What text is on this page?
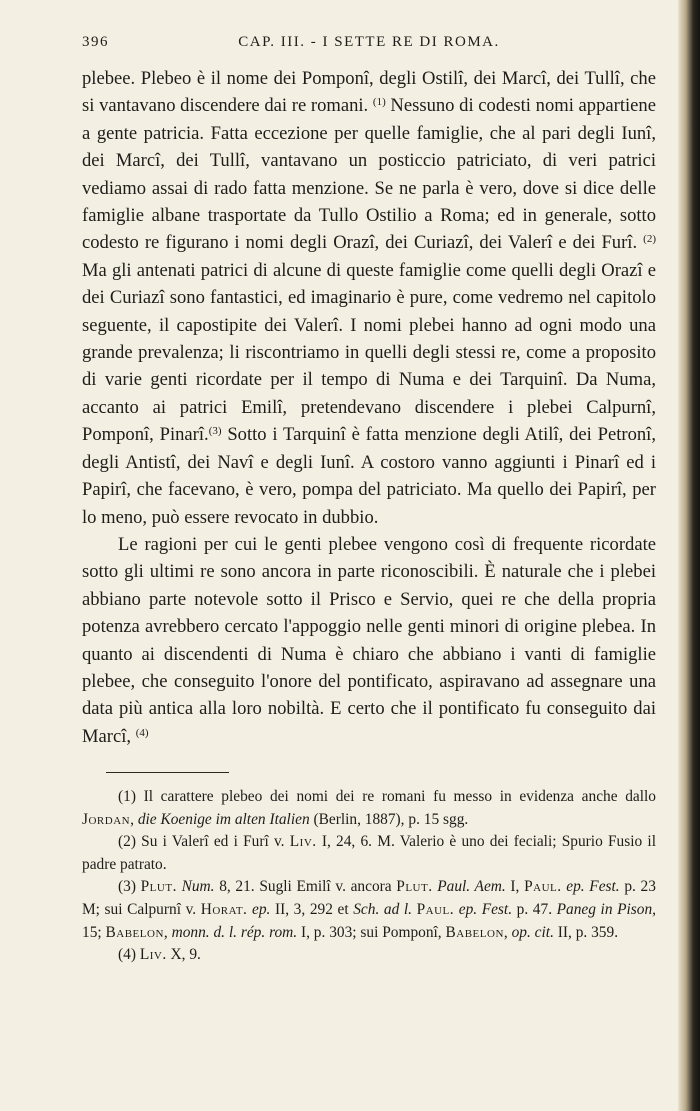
396	CAP. III. - I SETTE RE DI ROMA.

plebee. Plebeo è il nome dei Pomponî, degli Ostilî, dei Marcî, dei Tullî, che si vantavano discendere dai re romani. $^{(1)}$ Nessuno di codesti nomi appartiene a gente patricia. Fatta eccezione per quelle famiglie, che al pari degli Iunî, dei Marcî, dei Tullî, vantavano un posticcio patriciato, di veri patrici vediamo assai di rado fatta menzione. Se ne parla è vero, dove si dice delle famiglie albane trasportate da Tullo Ostilio a Roma; ed in generale, sotto codesto re figurano i nomi degli Orazî, dei Curiazî, dei Valerî e dei Furî. $^{(2)}$ Ma gli antenati patrici di alcune di queste famiglie come quelli degli Orazî e dei Curiazî sono fantastici, ed imaginario è pure, come vedremo nel capitolo seguente, il capostipite dei Valerî. I nomi plebei hanno ad ogni modo una grande prevalenza; li riscontriamo in quelli degli stessi re, come a proposito di varie genti ricordate per il tempo di Numa e dei Tarquinî. Da Numa, accanto ai patrici Emilî, pretendevano discendere i plebei Calpurnî, Pomponî, Pinarî.$^{(3)}$ Sotto i Tarquinî è fatta menzione degli Atilî, dei Petronî, degli Antistî, dei Navî e degli Iunî. A costoro vanno aggiunti i Pinarî ed i Papirî, che facevano, è vero, pompa del patriciato. Ma quello dei Papirî, per lo meno, può essere revocato in dubbio.

Le ragioni per cui le genti plebee vengono così di frequente ricordate sotto gli ultimi re sono ancora in parte riconoscibili. È naturale che i plebei abbiano parte notevole sotto il Prisco e Servio, quei re che della propria potenza avrebbero cercato l'appoggio nelle genti minori di origine plebea. In quanto ai discendenti di Numa è chiaro che abbiano i vanti di famiglie plebee, che conseguito l'onore del pontificato, aspiravano ad assegnare una data più antica alla loro nobiltà. E certo che il pontificato fu conseguito dai Marcî, $^{(4)}$

(1) Il carattere plebeo dei nomi dei re romani fu messo in evidenza anche dallo Jordan, die Koenige im alten Italien (Berlin, 1887), p. 15 sgg.

(2) Su i Valerî ed i Furî v. Liv. I, 24, 6. M. Valerio è uno dei feciali; Spurio Fusio il padre patrato.

(3) Plut. Num. 8, 21. Sugli Emilî v. ancora Plut. Paul. Aem. I, Paul. ep. Fest. p. 23 M; sui Calpurnî v. Horat. ep. II, 3, 292 et Sch. ad l. Paul. ep. Fest. p. 47. Paneg in Pison, 15; Babelon, monn. d. l. rép. rom. I, p. 303; sui Pomponî, Babelon, op. cit. II, p. 359.

(4) Liv. X, 9.
